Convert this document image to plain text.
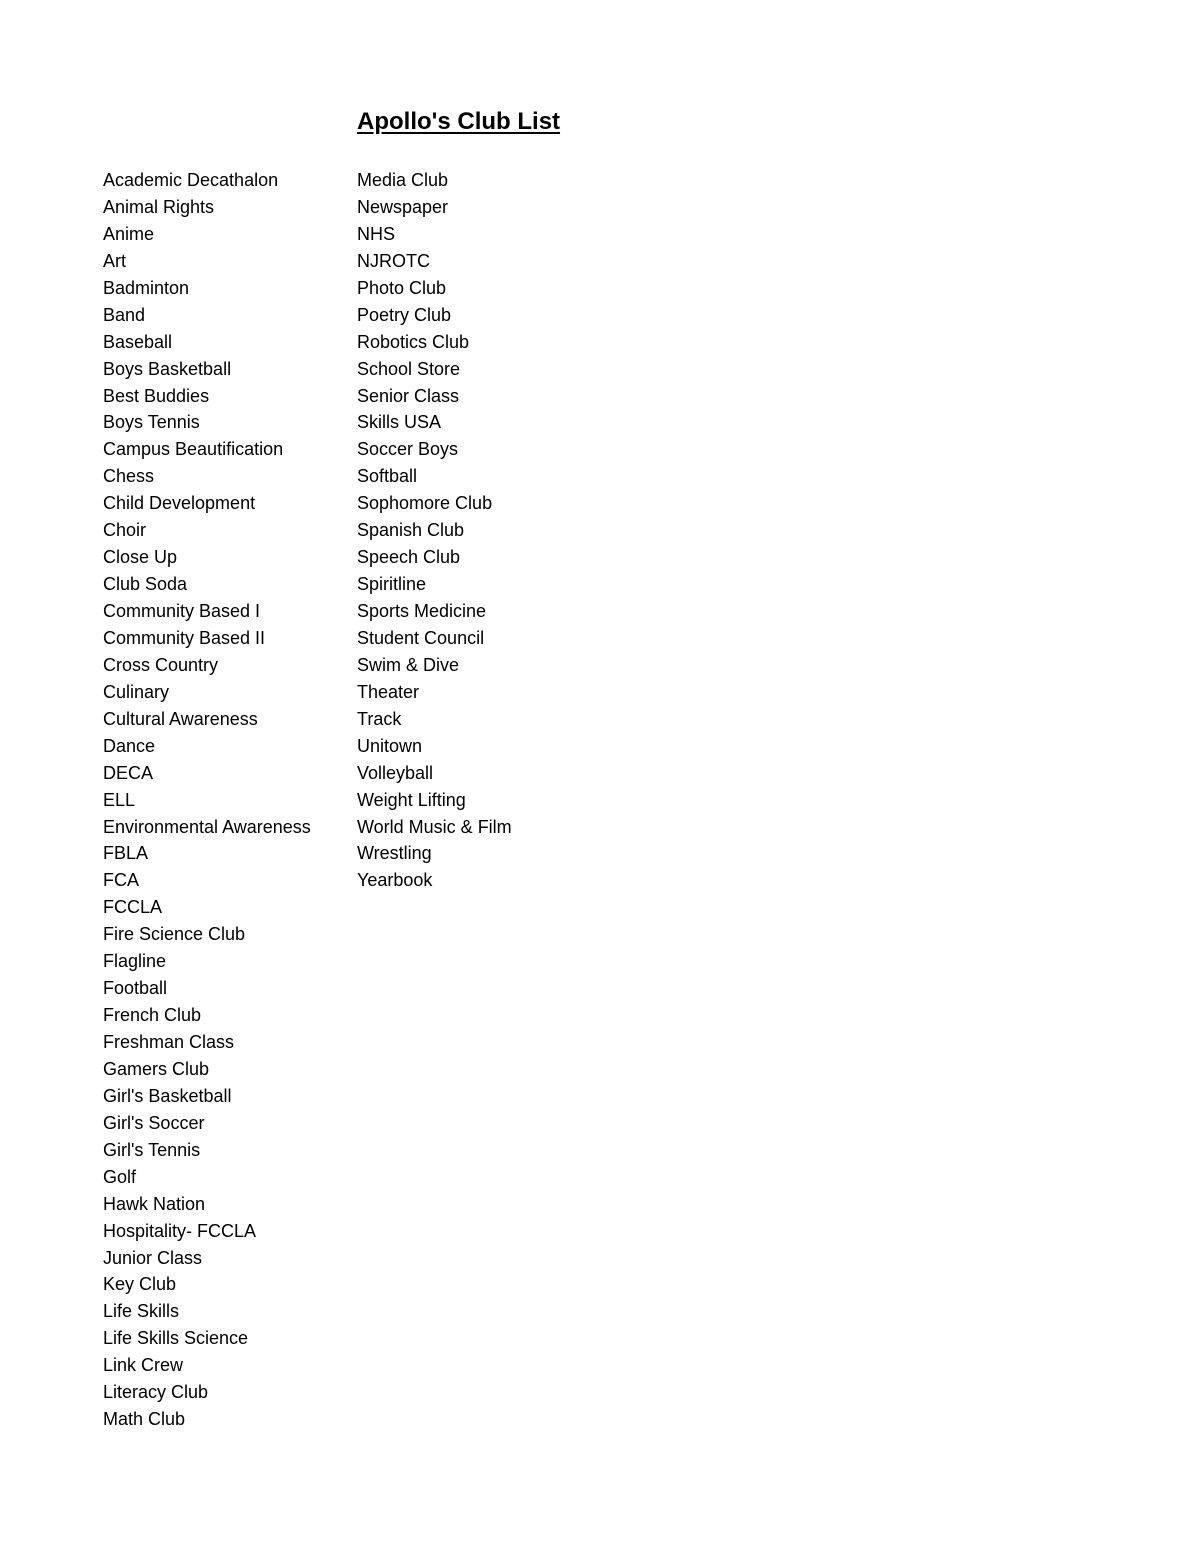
Apollo's Club List
Academic Decathalon
Animal Rights
Anime
Art
Badminton
Band
Baseball
Boys Basketball
Best Buddies
Boys Tennis
Campus Beautification
Chess
Child Development
Choir
Close Up
Club Soda
Community Based I
Community Based II
Cross Country
Culinary
Cultural Awareness
Dance
DECA
ELL
Environmental Awareness
FBLA
FCA
FCCLA
Fire Science Club
Flagline
Football
French Club
Freshman Class
Gamers Club
Girl's Basketball
Girl's Soccer
Girl's Tennis
Golf
Hawk Nation
Hospitality- FCCLA
Junior Class
Key Club
Life Skills
Life Skills Science
Link Crew
Literacy Club
Math Club
Media Club
Newspaper
NHS
NJROTC
Photo Club
Poetry Club
Robotics Club
School Store
Senior Class
Skills USA
Soccer Boys
Softball
Sophomore Club
Spanish Club
Speech Club
Spiritline
Sports Medicine
Student Council
Swim & Dive
Theater
Track
Unitown
Volleyball
Weight Lifting
World Music & Film
Wrestling
Yearbook
